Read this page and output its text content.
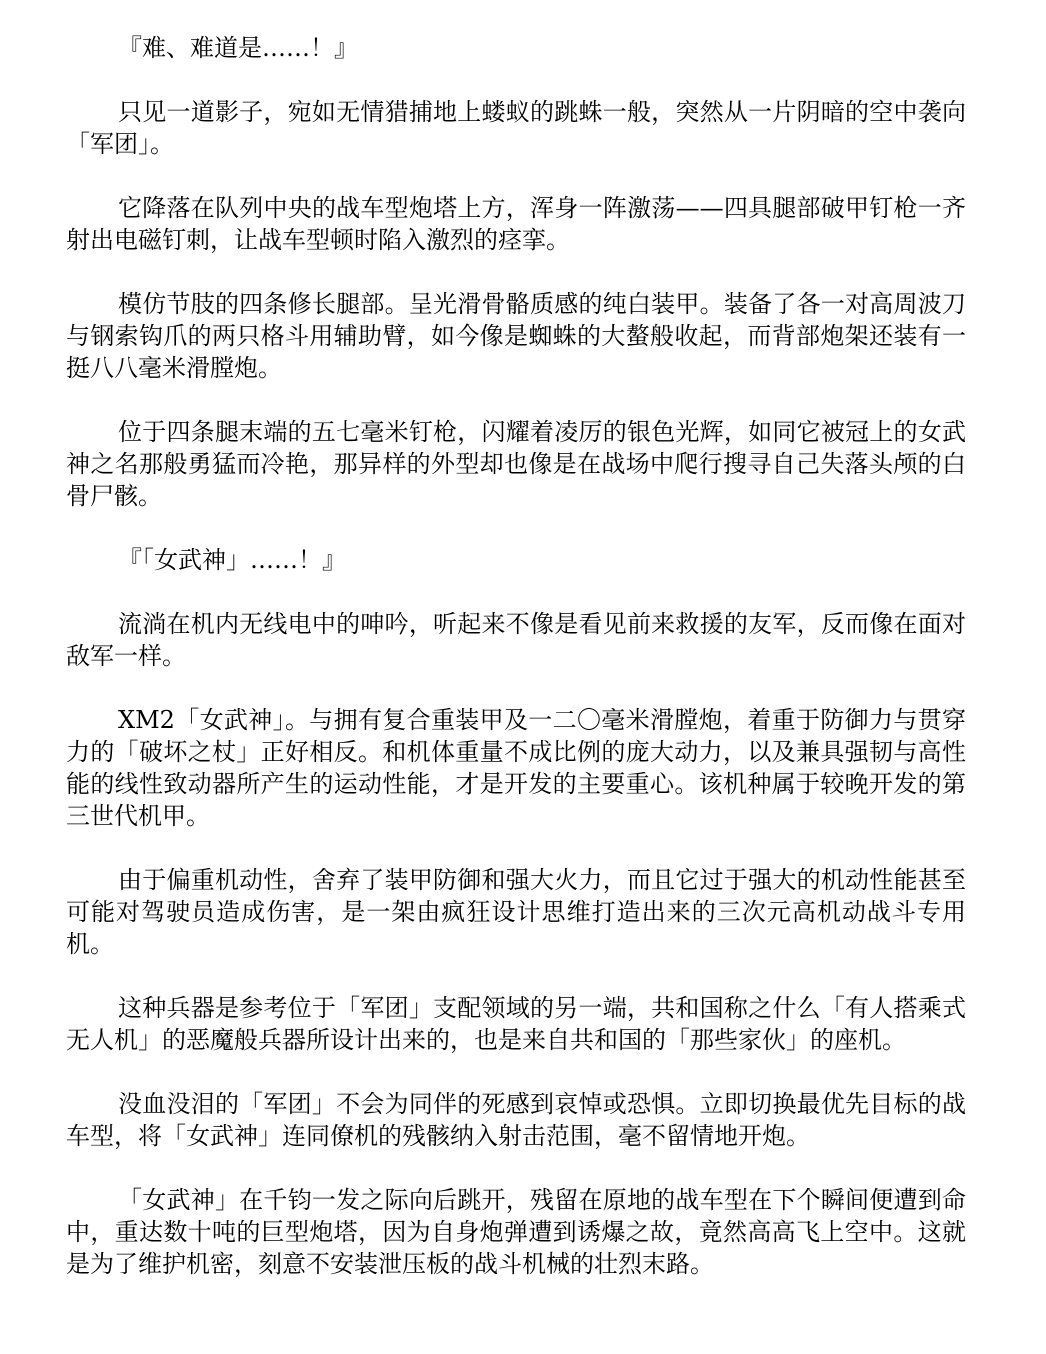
『难、难道是……！』

只见一道影子，宛如无情猎捕地上蝼蚁的跳蛛一般，突然从一片阴暗的空中袭向「军团」。

它降落在队列中央的战车型炮塔上方，浑身一阵激荡——四具腿部破甲钉枪一齐射出电磁钉刺，让战车型顿时陷入激烈的痉挛。

模仿节肢的四条修长腿部。呈光滑骨骼质感的纯白装甲。装备了各一对高周波刀与钢索钩爪的两只格斗用辅助臂，如今像是蜘蛛的大螯般收起，而背部炮架还装有一挺八八毫米滑膛炮。

位于四条腿末端的五七毫米钉枪，闪耀着凌厉的银色光辉，如同它被冠上的女武神之名那般勇猛而冷艳，那异样的外型却也像是在战场中爬行搜寻自己失落头颅的白骨尸骸。

『「女武神」……！』

流淌在机内无线电中的呻吟，听起来不像是看见前来救援的友军，反而像在面对敌军一样。

XM2「女武神」。与拥有复合重装甲及一二〇毫米滑膛炮，着重于防御力与贯穿力的「破坏之杖」正好相反。和机体重量不成比例的庞大动力，以及兼具强韧与高性能的线性致动器所产生的运动性能，才是开发的主要重心。该机种属于较晚开发的第三世代机甲。

由于偏重机动性，舍弃了装甲防御和强大火力，而且它过于强大的机动性能甚至可能对驾驶员造成伤害，是一架由疯狂设计思维打造出来的三次元高机动战斗专用机。

这种兵器是参考位于「军团」支配领域的另一端，共和国称之什么「有人搭乘式无人机」的恶魔般兵器所设计出来的，也是来自共和国的「那些家伙」的座机。

没血没泪的「军团」不会为同伴的死感到哀悼或恐惧。立即切换最优先目标的战车型，将「女武神」连同僚机的残骸纳入射击范围，毫不留情地开炮。

「女武神」在千钧一发之际向后跳开，残留在原地的战车型在下个瞬间便遭到命中，重达数十吨的巨型炮塔，因为自身炮弹遭到诱爆之故，竟然高高飞上空中。这就是为了维护机密，刻意不安装泄压板的战斗机械的壮烈末路。
